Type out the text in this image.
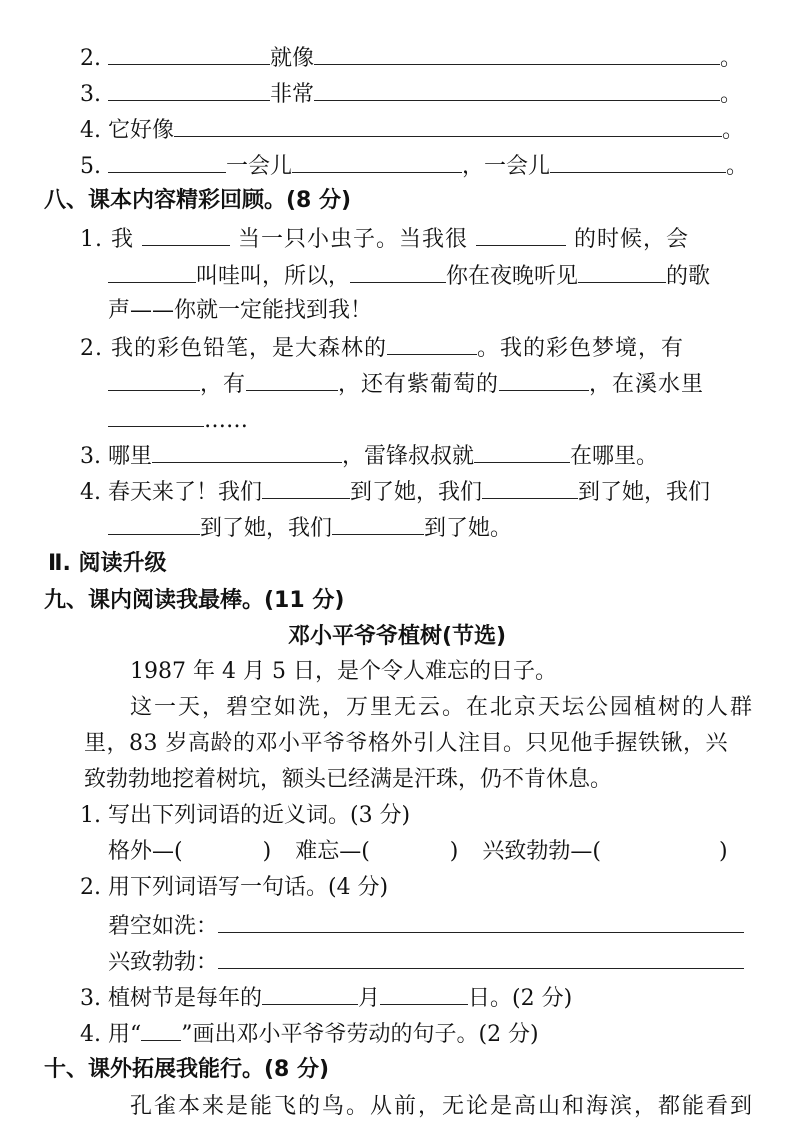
2.	就像	。
3.	非常	。
4. 它好像	。
5.	一会儿	，一会儿	。
八、课本内容精彩回顾。(8 分)
1. 我	当一只小虫子。当我很	的时候，会
叫哇叫，所以，	你在夜晚听见	的歌
声——你就一定能找到我！
2. 我的彩色铅笔，是大森林的	。我的彩色梦境，有
，有	，还有紫葡萄的	，在溪水里
……
3. 哪里	，雷锋叔叔就	在哪里。
4. 春天来了！我们	到了她，我们	到了她，我们
到了她，我们	到了她。
Ⅱ. 阅读升级
九、课内阅读我最棒。(11 分)
邓小平爷爷植树(节选)
1987 年 4 月 5 日，是个令人难忘的日子。
这一天，碧空如洗，万里无云。在北京天坛公园植树的人群
里，83 岁高龄的邓小平爷爷格外引人注目。只见他手握铁锹，兴
致勃勃地挖着树坑，额头已经满是汗珠，仍不肯休息。
1. 写出下列词语的近义词。(3 分)
格外—(	) 难忘—(	) 兴致勃勃—(	)
2. 用下列词语写一句话。(4 分)
碧空如洗：
兴致勃勃：
3. 植树节是每年的	月	日。(2 分)
4. 用“ ”画出邓小平爷爷劳动的句子。(2 分)
十、课外拓展我能行。(8 分)
孔雀本来是能飞的鸟。从前，无论是高山和海滨，都能看到
